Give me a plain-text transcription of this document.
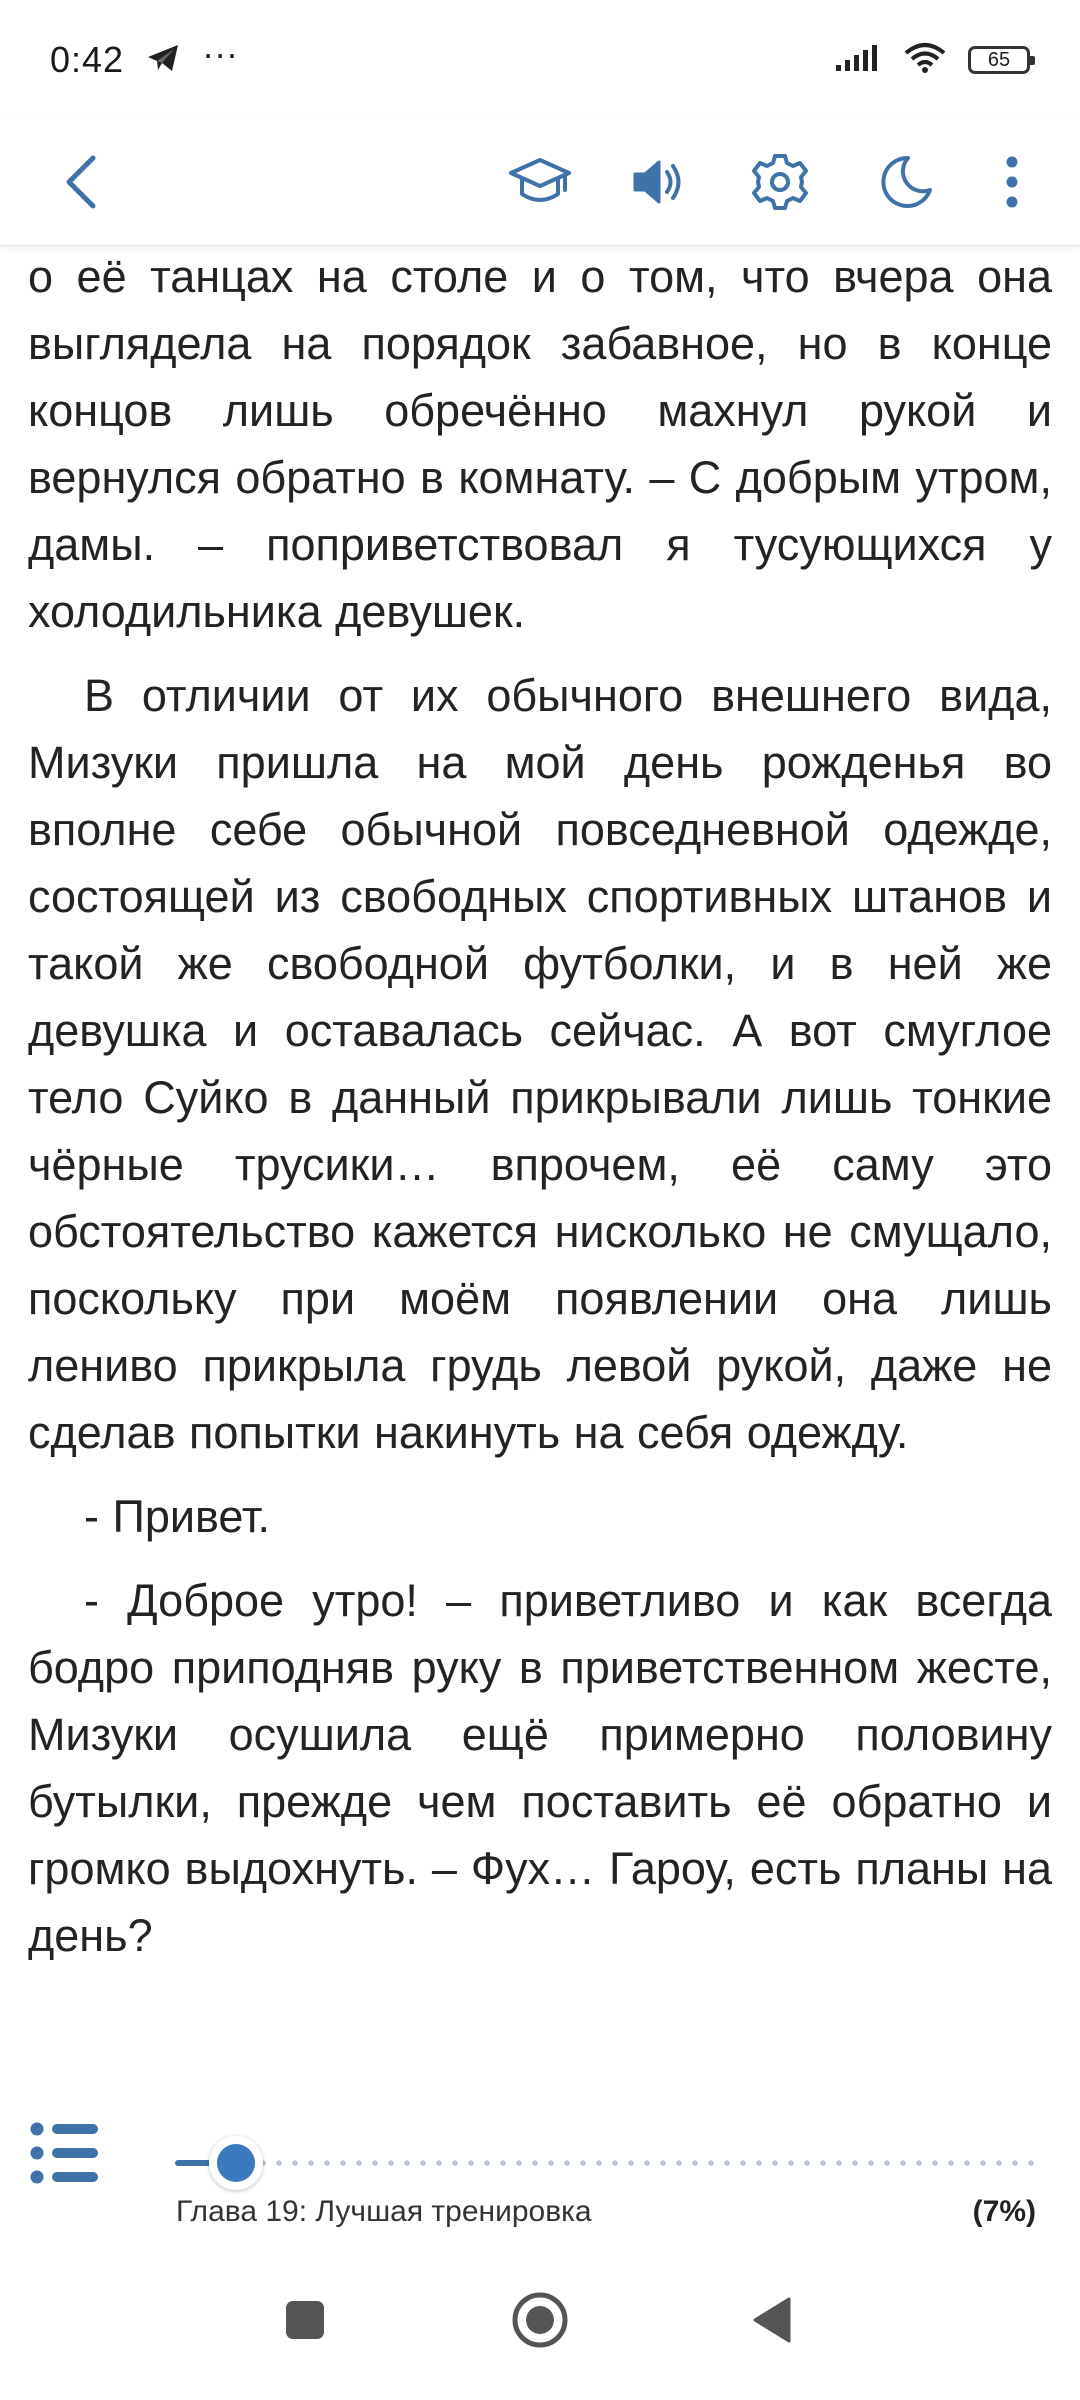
0:42 ···	65

о её танцах на столе и о том, что вчера она выглядела на порядок забавное, но в конце концов лишь обречённо махнул рукой и вернулся обратно в комнату. – С добрым утром, дамы. – поприветствовал я тусующихся у холодильника девушек.

В отличии от их обычного внешнего вида, Мизуки пришла на мой день рожденья во вполне себе обычной повседневной одежде, состоящей из свободных спортивных штанов и такой же свободной футболки, и в ней же девушка и оставалась сейчас. А вот смуглое тело Суйко в данный прикрывали лишь тонкие чёрные трусики… впрочем, её саму это обстоятельство кажется нисколько не смущало, поскольку при моём появлении она лишь лениво прикрыла грудь левой рукой, даже не сделав попытки накинуть на себя одежду.

- Привет.

- Доброе утро! – приветливо и как всегда бодро приподняв руку в приветственном жесте, Мизуки осушила ещё примерно половину бутылки, прежде чем поставить её обратно и громко выдохнуть. – Фух… Гароу, есть планы на день?

Глава 19: Лучшая тренировка	(7%)
